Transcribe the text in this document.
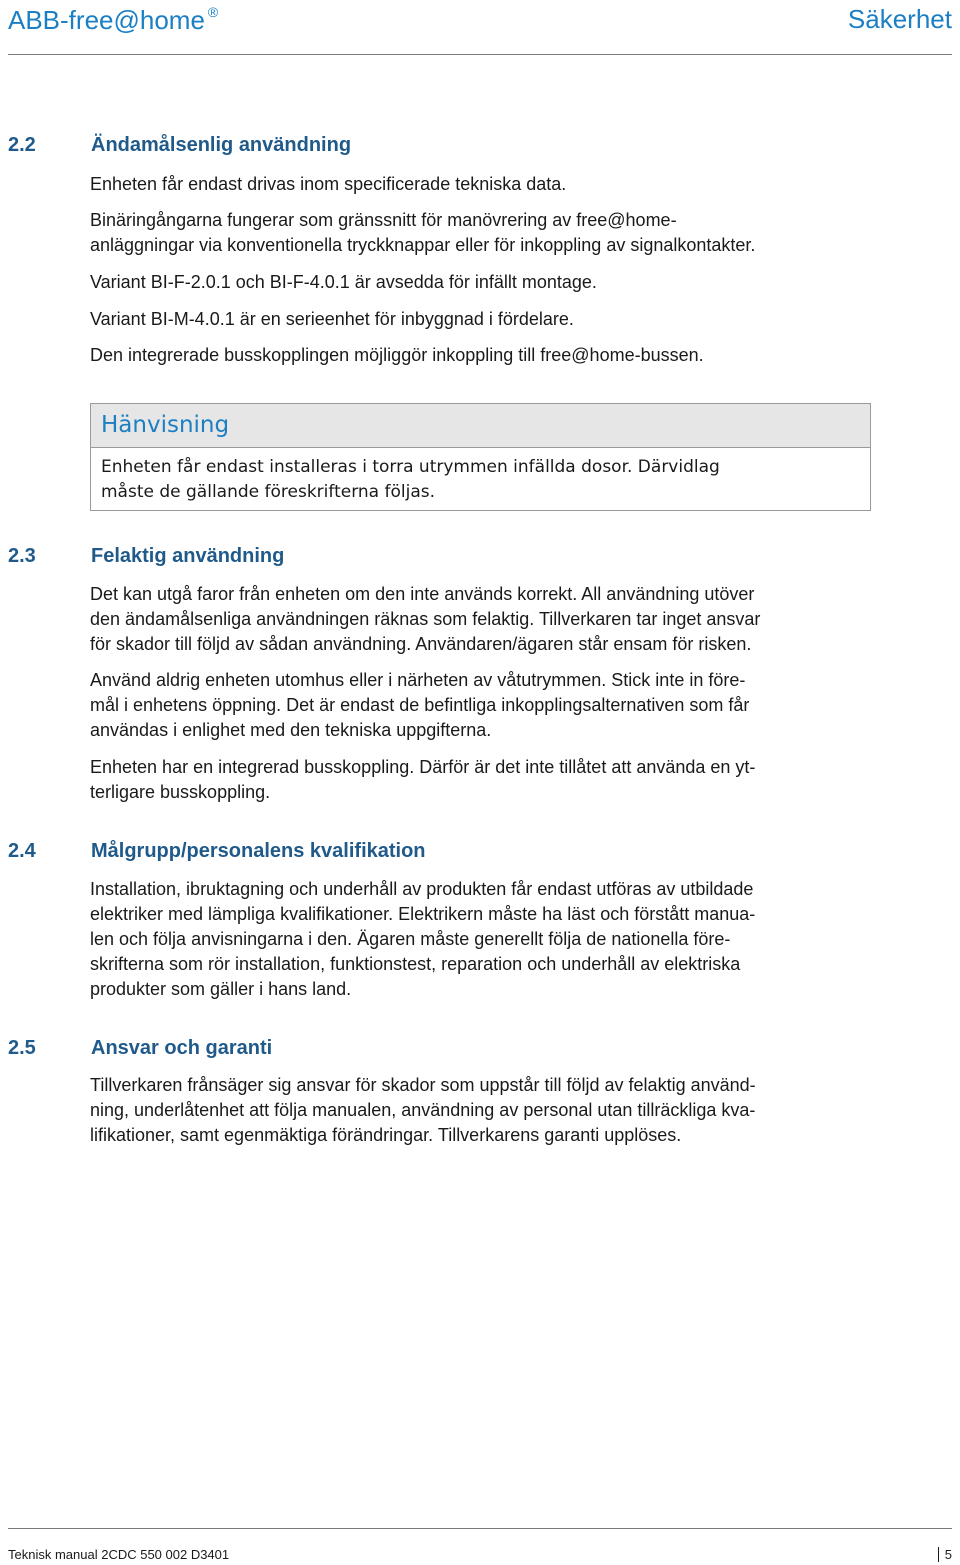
ABB-free@home ®	Säkerhet
2.2	Ändamålsenlig användning
Enheten får endast drivas inom specificerade tekniska data.
Binäringångarna fungerar som gränssnitt för manövrering av free@home-
anläggningar via konventionella tryckknappar eller för inkoppling av signalkontakter.
Variant BI-F-2.0.1 och BI-F-4.0.1 är avsedda för infällt montage.
Variant BI-M-4.0.1 är en serieenhet för inbyggnad i fördelare.
Den integrerade busskopplingen möjliggör inkoppling till free@home-bussen.
Hänvisning
Enheten får endast installeras i torra utrymmen infällda dosor. Därvidlag
måste de gällande föreskrifterna följas.
2.3	Felaktig användning
Det kan utgå faror från enheten om den inte används korrekt. All användning utöver
den ändamålsenliga användningen räknas som felaktig. Tillverkaren tar inget ansvar
för skador till följd av sådan användning. Användaren/ägaren står ensam för risken.
Använd aldrig enheten utomhus eller i närheten av våtutrymmen. Stick inte in före-
mål i enhetens öppning. Det är endast de befintliga inkopplingsalternativen som får
användas i enlighet med den tekniska uppgifterna.
Enheten har en integrerad busskoppling. Därför är det inte tillåtet att använda en yt-
terligare busskoppling.
2.4	Målgrupp/personalens kvalifikation
Installation, ibruktagning och underhåll av produkten får endast utföras av utbildade
elektriker med lämpliga kvalifikationer. Elektrikern måste ha läst och förstått manua-
len och följa anvisningarna i den. Ägaren måste generellt följa de nationella före-
skrifterna som rör installation, funktionstest, reparation och underhåll av elektriska
produkter som gäller i hans land.
2.5	Ansvar och garanti
Tillverkaren frånsäger sig ansvar för skador som uppstår till följd av felaktig använd-
ning, underlåtenhet att följa manualen, användning av personal utan tillräckliga kva-
lifikationer, samt egenmäktiga förändringar. Tillverkarens garanti upplöses.
Teknisk manual 2CDC 550 002 D3401	5
